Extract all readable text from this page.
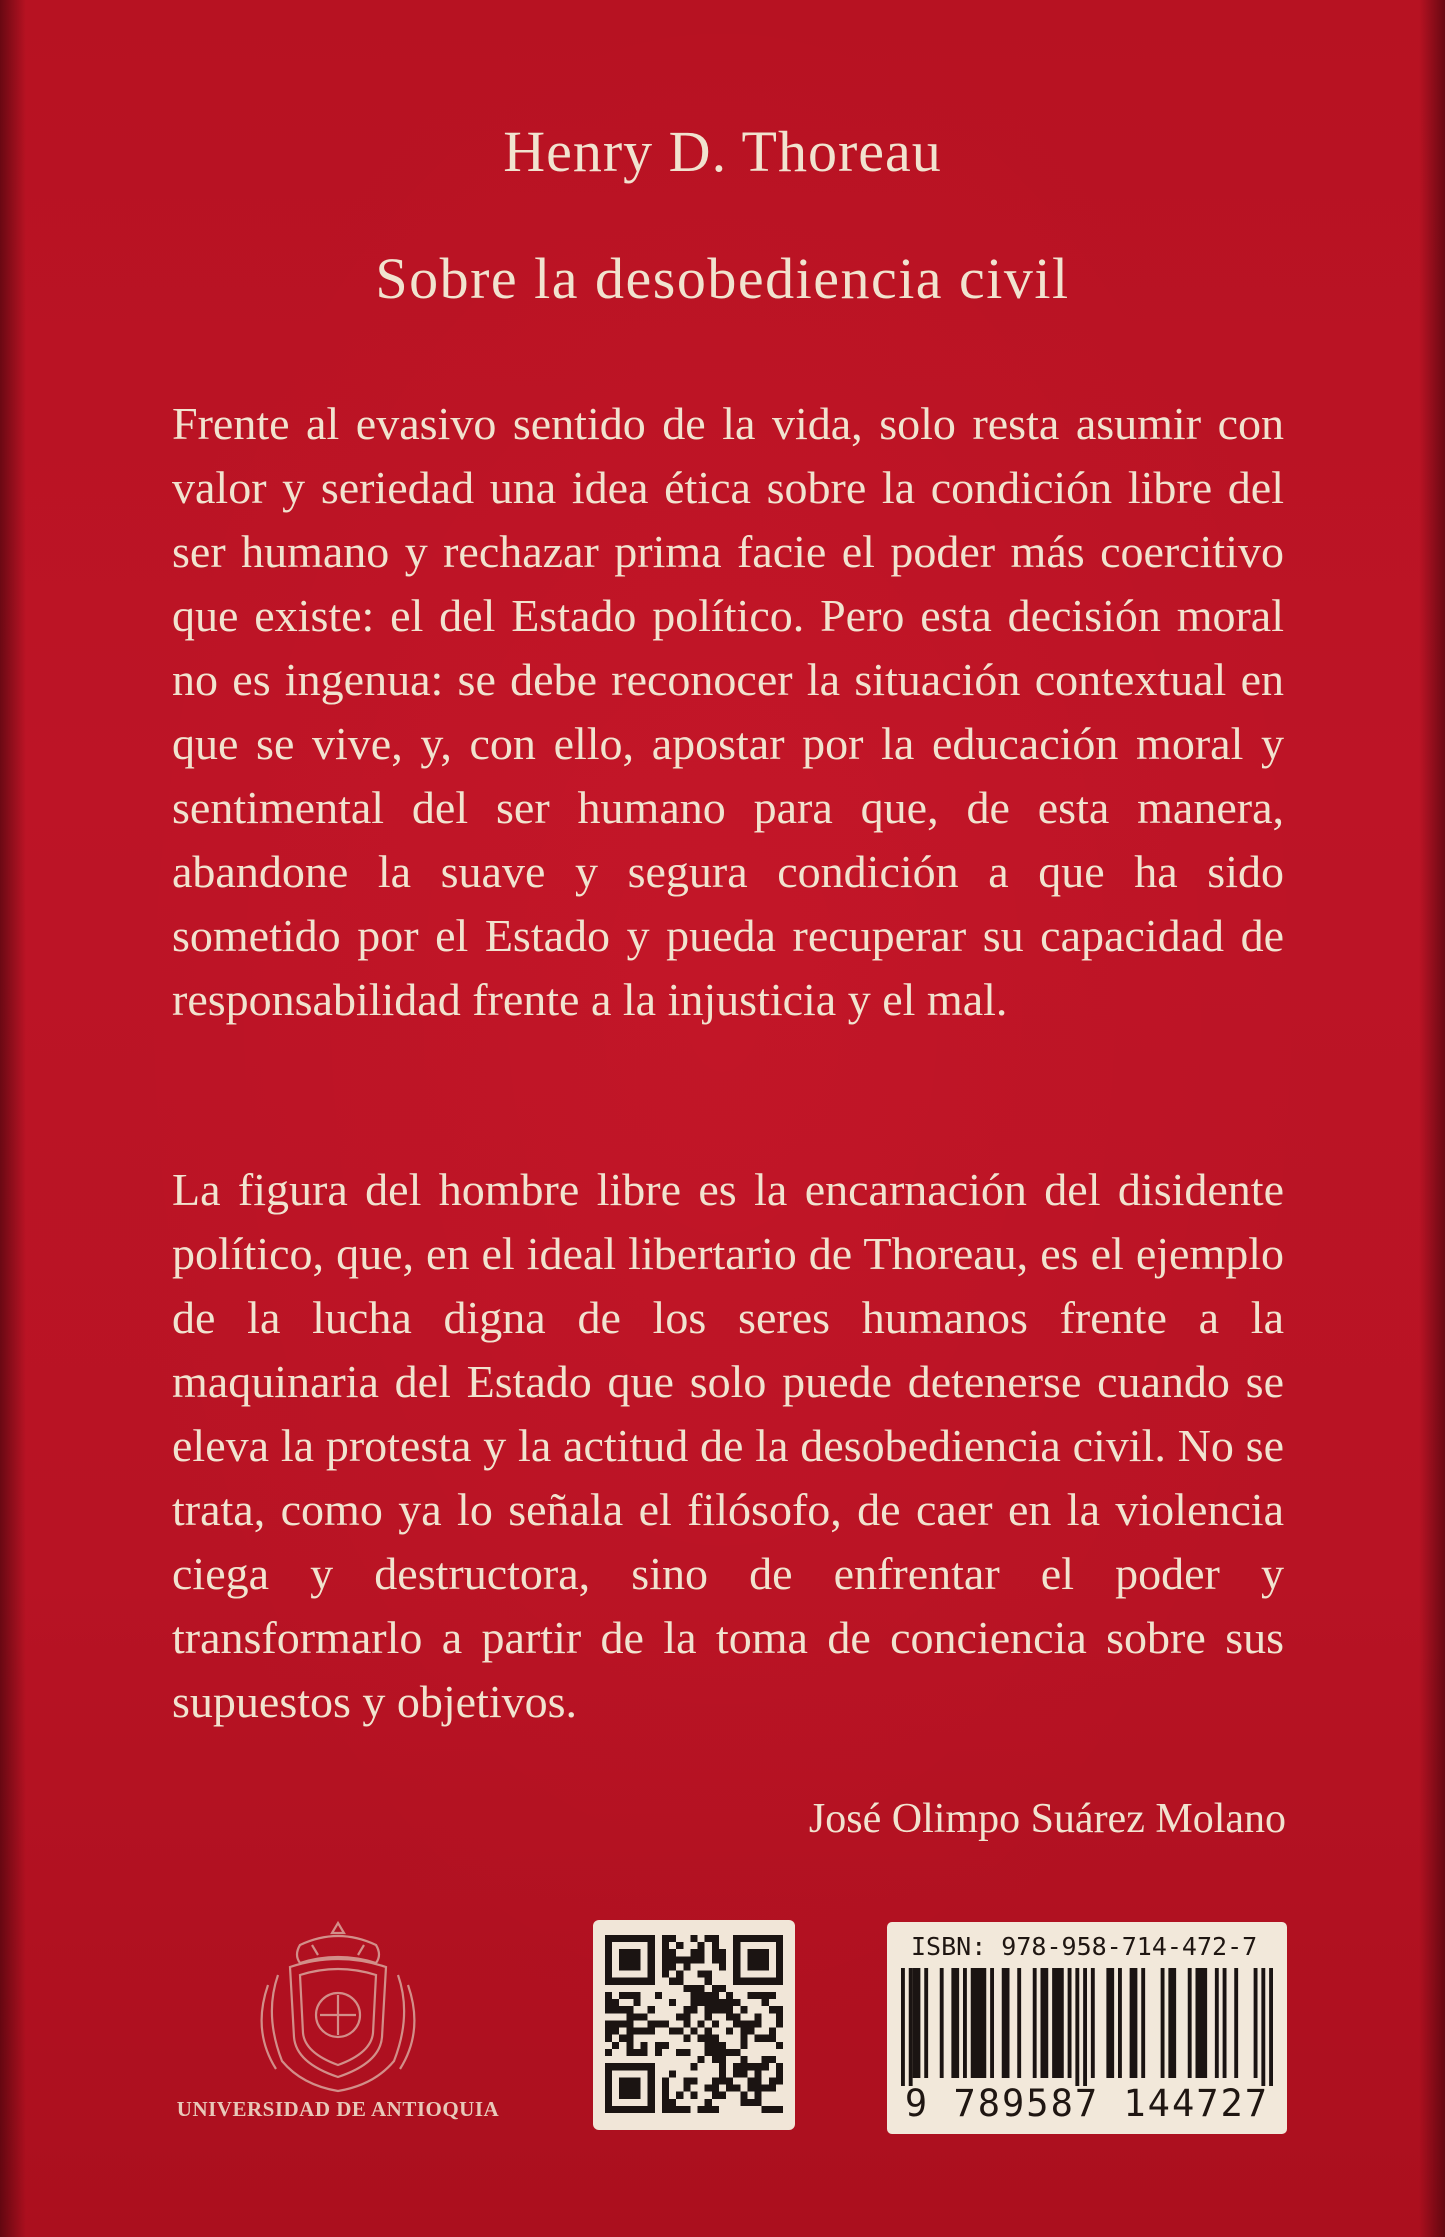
Henry D. Thoreau
Sobre la desobediencia civil

Frente al evasivo sentido de la vida, solo resta asumir con valor y seriedad una idea ética sobre la condición libre del ser humano y rechazar prima facie el poder más coercitivo que existe: el del Estado político. Pero esta decisión moral no es ingenua: se debe reconocer la situación contextual en que se vive, y, con ello, apostar por la educación moral y sentimental del ser humano para que, de esta manera, abandone la suave y segura condición a que ha sido sometido por el Estado y pueda recuperar su capacidad de responsabilidad frente a la injusticia y el mal.

La figura del hombre libre es la encarnación del disidente político, que, en el ideal libertario de Thoreau, es el ejemplo de la lucha digna de los seres humanos frente a la maquinaria del Estado que solo puede detenerse cuando se eleva la protesta y la actitud de la desobediencia civil. No se trata, como ya lo señala el filósofo, de caer en la violencia ciega y destructora, sino de enfrentar el poder y transformarlo a partir de la toma de conciencia sobre sus supuestos y objetivos.

José Olimpo Suárez Molano
UNIVERSIDAD DE ANTIOQUIA
ISBN: 978-958-714-472-7
9 789587 144727
